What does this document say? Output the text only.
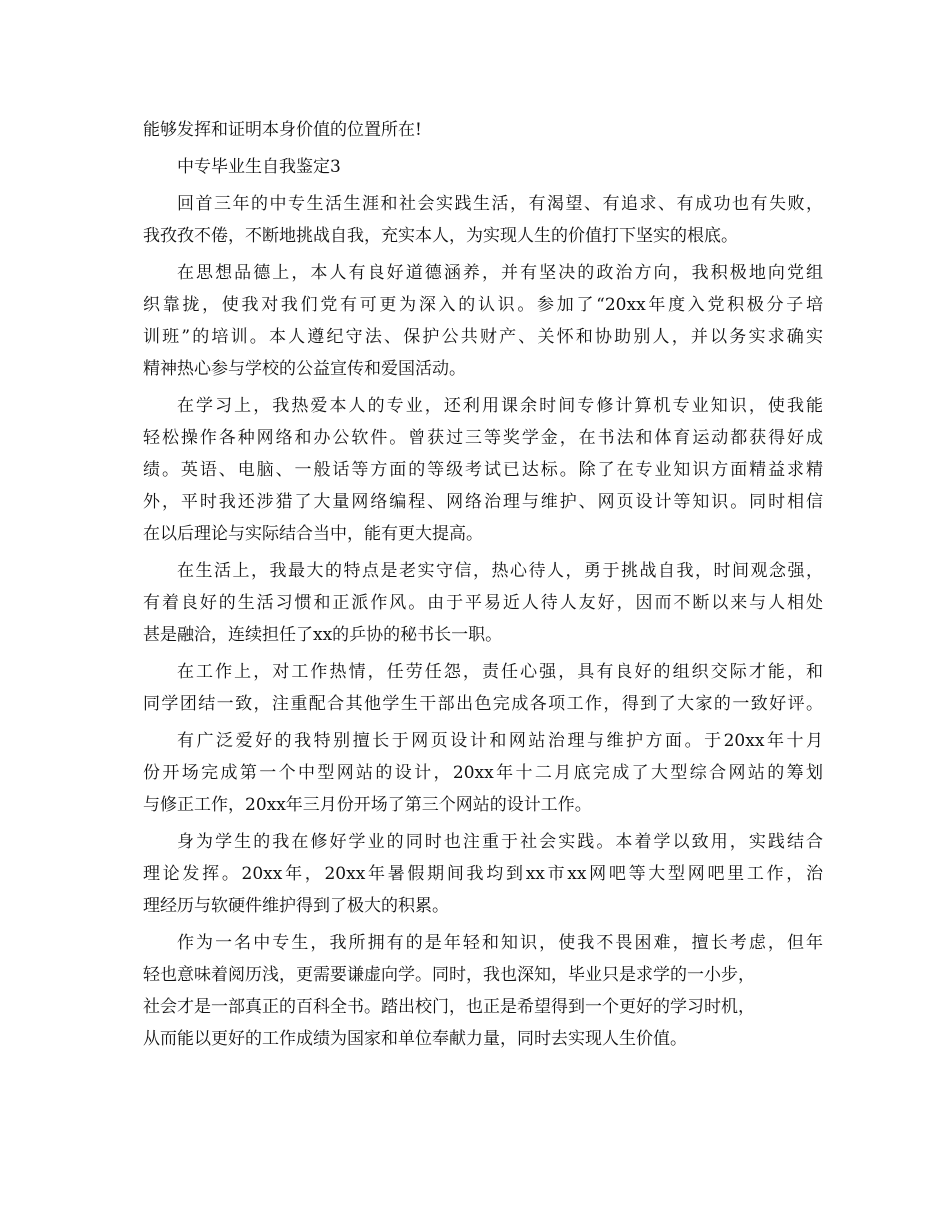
能够发挥和证明本身价值的位置所在!
中专毕业生自我鉴定3
回首三年的中专生活生涯和社会实践生活，有渴望、有追求、有成功也有失败，
我孜孜不倦，不断地挑战自我，充实本人，为实现人生的价值打下坚实的根底。
在思想品德上，本人有良好道德涵养，并有坚决的政治方向，我积极地向党组
织靠拢，使我对我们党有可更为深入的认识。参加了“20xx年度入党积极分子培
训班”的培训。本人遵纪守法、保护公共财产、关怀和协助别人，并以务实求确实
精神热心参与学校的公益宣传和爱国活动。
在学习上，我热爱本人的专业，还利用课余时间专修计算机专业知识，使我能
轻松操作各种网络和办公软件。曾获过三等奖学金，在书法和体育运动都获得好成
绩。英语、电脑、一般话等方面的等级考试已达标。除了在专业知识方面精益求精
外，平时我还涉猎了大量网络编程、网络治理与维护、网页设计等知识。同时相信
在以后理论与实际结合当中，能有更大提高。
在生活上，我最大的特点是老实守信，热心待人，勇于挑战自我，时间观念强，
有着良好的生活习惯和正派作风。由于平易近人待人友好，因而不断以来与人相处
甚是融洽，连续担任了xx的乒协的秘书长一职。
在工作上，对工作热情，任劳任怨，责任心强，具有良好的组织交际才能，和
同学团结一致，注重配合其他学生干部出色完成各项工作，得到了大家的一致好评。
有广泛爱好的我特别擅长于网页设计和网站治理与维护方面。于20xx年十月
份开场完成第一个中型网站的设计，20xx年十二月底完成了大型综合网站的筹划
与修正工作，20xx年三月份开场了第三个网站的设计工作。
身为学生的我在修好学业的同时也注重于社会实践。本着学以致用，实践结合
理论发挥。20xx年，20xx年暑假期间我均到xx市xx网吧等大型网吧里工作，治
理经历与软硬件维护得到了极大的积累。
作为一名中专生，我所拥有的是年轻和知识，使我不畏困难，擅长考虑，但年
轻也意味着阅历浅，更需要谦虚向学。同时，我也深知，毕业只是求学的一小步，
社会才是一部真正的百科全书。踏出校门，也正是希望得到一个更好的学习时机，
从而能以更好的工作成绩为国家和单位奉献力量，同时去实现人生价值。
